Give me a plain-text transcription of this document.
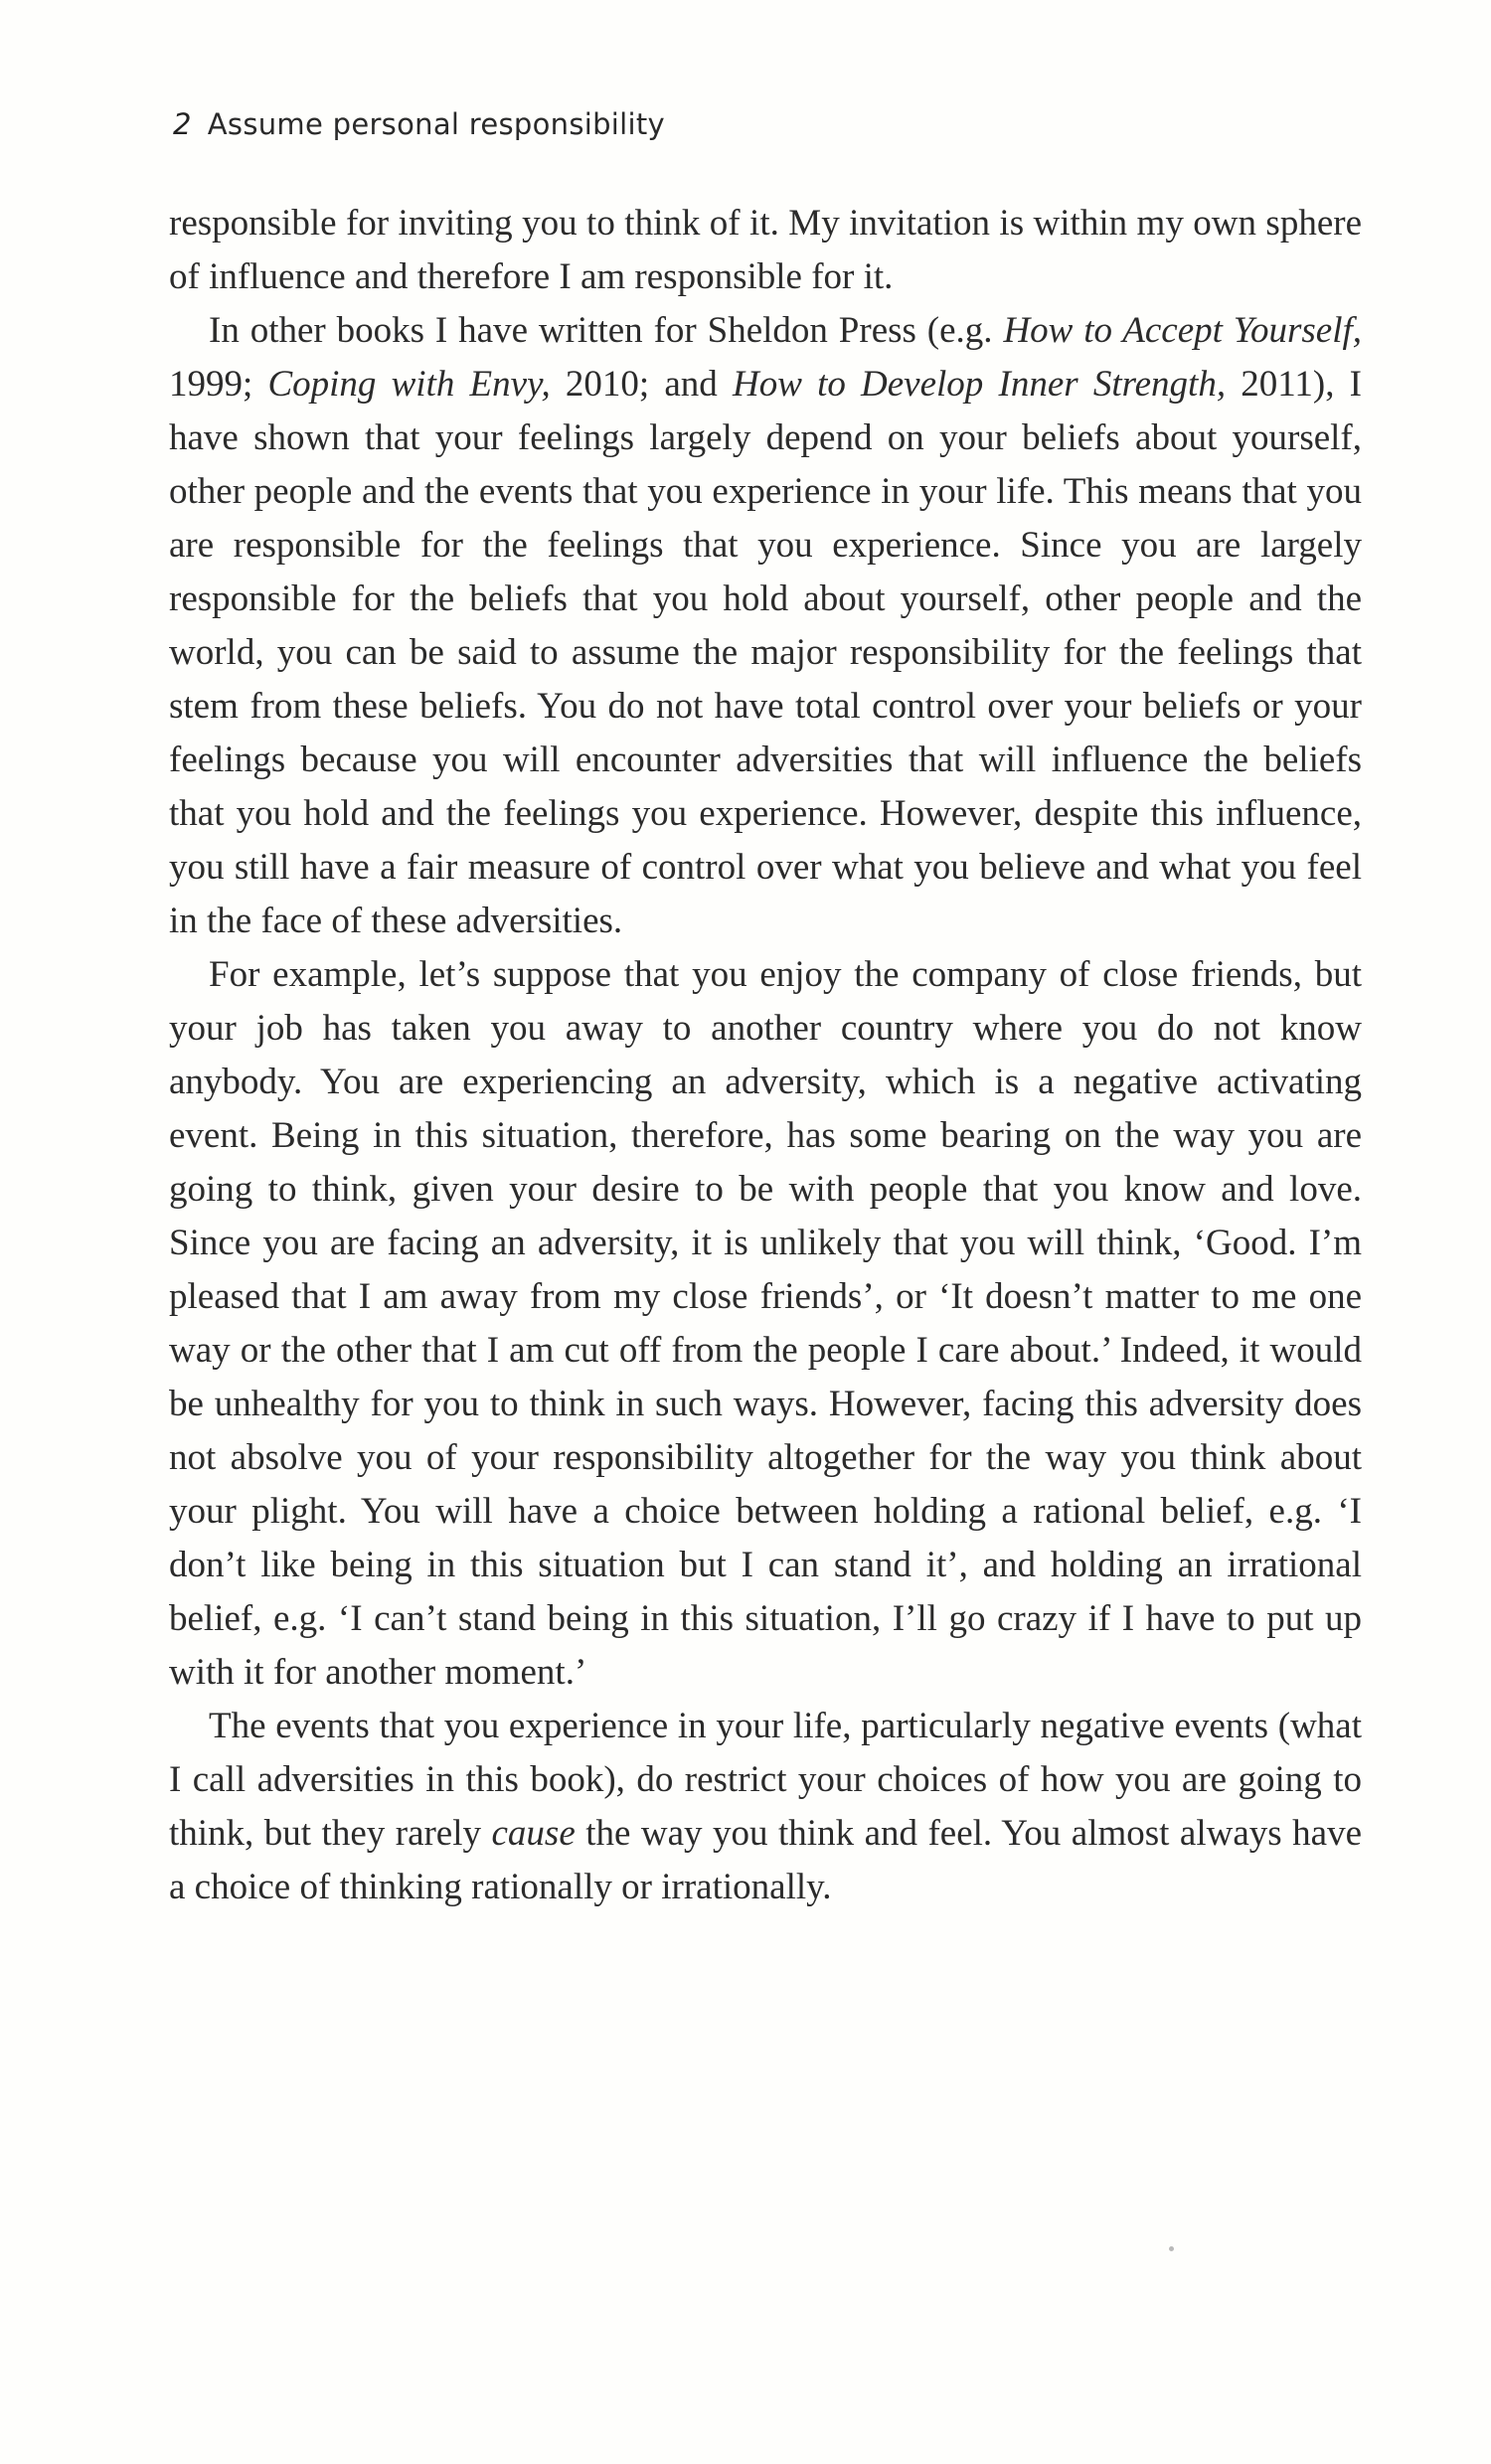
2 Assume personal responsibility

responsible for inviting you to think of it. My invitation is within my own sphere of influence and therefore I am responsible for it.

In other books I have written for Sheldon Press (e.g. How to Accept Yourself, 1999; Coping with Envy, 2010; and How to Develop Inner Strength, 2011), I have shown that your feelings largely depend on your beliefs about yourself, other people and the events that you experience in your life. This means that you are responsible for the feelings that you experience. Since you are largely responsible for the beliefs that you hold about yourself, other people and the world, you can be said to assume the major responsibility for the feelings that stem from these beliefs. You do not have total control over your beliefs or your feelings because you will encounter adversities that will influence the beliefs that you hold and the feelings you experience. However, despite this influence, you still have a fair measure of control over what you believe and what you feel in the face of these adversities.

For example, let’s suppose that you enjoy the company of close friends, but your job has taken you away to another country where you do not know anybody. You are experiencing an adversity, which is a negative activating event. Being in this situation, therefore, has some bearing on the way you are going to think, given your desire to be with people that you know and love. Since you are facing an adversity, it is unlikely that you will think, ‘Good. I’m pleased that I am away from my close friends’, or ‘It doesn’t matter to me one way or the other that I am cut off from the people I care about.’ Indeed, it would be unhealthy for you to think in such ways. However, facing this adversity does not absolve you of your responsibility altogether for the way you think about your plight. You will have a choice between holding a rational belief, e.g. ‘I don’t like being in this situation but I can stand it’, and holding an irrational belief, e.g. ‘I can’t stand being in this situation, I’ll go crazy if I have to put up with it for another moment.’

The events that you experience in your life, particularly negative events (what I call adversities in this book), do restrict your choices of how you are going to think, but they rarely cause the way you think and feel. You almost always have a choice of thinking rationally or irrationally.
